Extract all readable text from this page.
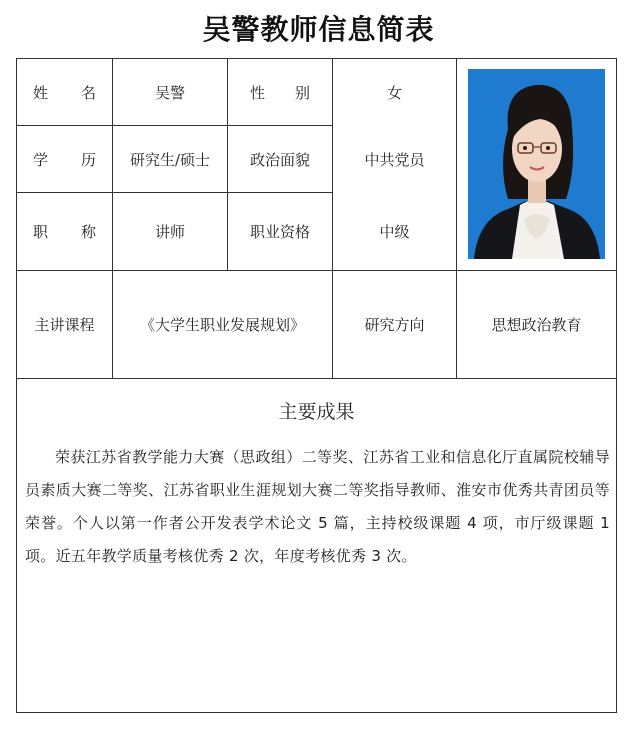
吴警教师信息简表
姓 名	吴警	性 别	女
学 历	研究生/硕士	政治面貌	中共党员
职 称	讲师	职业资格	中级
主讲课程	《大学生职业发展规划》	研究方向	思想政治教育
主要成果
荣获江苏省教学能力大赛（思政组）二等奖、江苏省工业和信息化厅直属院校辅导员素质大赛二等奖、江苏省职业生涯规划大赛二等奖指导教师、淮安市优秀共青团员等荣誉。个人以第一作者公开发表学术论文 5 篇，主持校级课题 4 项，市厅级课题 1 项。近五年教学质量考核优秀 2 次，年度考核优秀 3 次。
